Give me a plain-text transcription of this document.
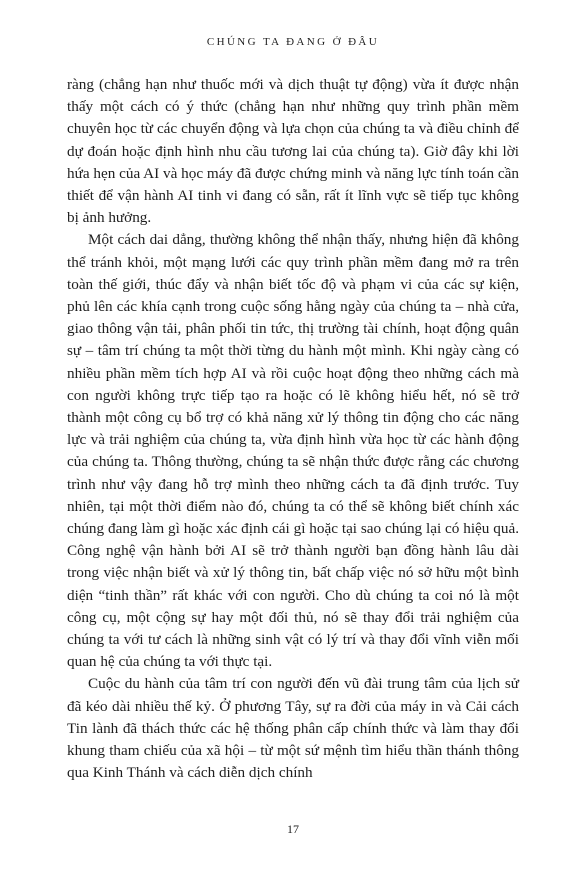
CHÚNG TA ĐANG Ở ĐÂU

ràng (chẳng hạn như thuốc mới và dịch thuật tự động) vừa ít được nhận thấy một cách có ý thức (chẳng hạn như những quy trình phần mềm chuyên học từ các chuyển động và lựa chọn của chúng ta và điều chỉnh để dự đoán hoặc định hình nhu cầu tương lai của chúng ta). Giờ đây khi lời hứa hẹn của AI và học máy đã được chứng minh và năng lực tính toán cần thiết để vận hành AI tinh vi đang có sẵn, rất ít lĩnh vực sẽ tiếp tục không bị ảnh hưởng.

Một cách dai dẳng, thường không thể nhận thấy, nhưng hiện đã không thể tránh khỏi, một mạng lưới các quy trình phần mềm đang mở ra trên toàn thế giới, thúc đẩy và nhận biết tốc độ và phạm vi của các sự kiện, phủ lên các khía cạnh trong cuộc sống hằng ngày của chúng ta – nhà cửa, giao thông vận tải, phân phối tin tức, thị trường tài chính, hoạt động quân sự – tâm trí chúng ta một thời từng du hành một mình. Khi ngày càng có nhiều phần mềm tích hợp AI và rồi cuộc hoạt động theo những cách mà con người không trực tiếp tạo ra hoặc có lẽ không hiểu hết, nó sẽ trở thành một công cụ bổ trợ có khả năng xử lý thông tin động cho các năng lực và trải nghiệm của chúng ta, vừa định hình vừa học từ các hành động của chúng ta. Thông thường, chúng ta sẽ nhận thức được rằng các chương trình như vậy đang hỗ trợ mình theo những cách ta đã định trước. Tuy nhiên, tại một thời điểm nào đó, chúng ta có thể sẽ không biết chính xác chúng đang làm gì hoặc xác định cái gì hoặc tại sao chúng lại có hiệu quả. Công nghệ vận hành bởi AI sẽ trở thành người bạn đồng hành lâu dài trong việc nhận biết và xử lý thông tin, bất chấp việc nó sở hữu một bình diện “tinh thần” rất khác với con người. Cho dù chúng ta coi nó là một công cụ, một cộng sự hay một đối thủ, nó sẽ thay đổi trải nghiệm của chúng ta với tư cách là những sinh vật có lý trí và thay đổi vĩnh viễn mối quan hệ của chúng ta với thực tại.

Cuộc du hành của tâm trí con người đến vũ đài trung tâm của lịch sử đã kéo dài nhiều thế kỷ. Ở phương Tây, sự ra đời của máy in và Cải cách Tin lành đã thách thức các hệ thống phân cấp chính thức và làm thay đổi khung tham chiếu của xã hội – từ một sứ mệnh tìm hiểu thần thánh thông qua Kinh Thánh và cách diễn dịch chính

17
